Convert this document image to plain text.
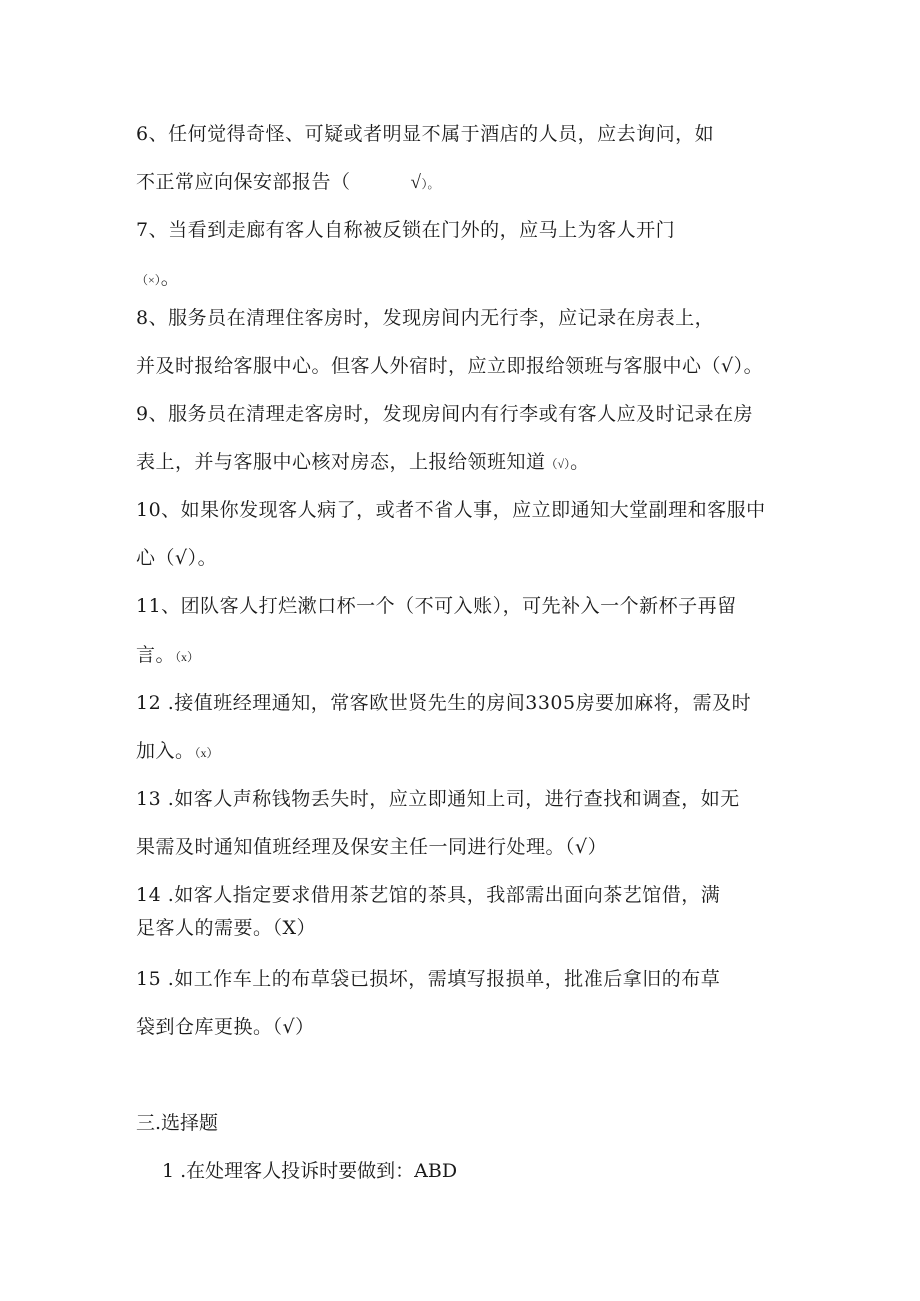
6、任何觉得奇怪、可疑或者明显不属于酒店的人员，应去询问，如
不正常应向保安部报告（	√）。
7、当看到走廊有客人自称被反锁在门外的，应马上为客人开门
（×）。
8、服务员在清理住客房时，发现房间内无行李，应记录在房表上，
并及时报给客服中心。但客人外宿时，应立即报给领班与客服中心（√）。
9、服务员在清理走客房时，发现房间内有行李或有客人应及时记录在房
表上，并与客服中心核对房态，上报给领班知道（√）。
10、如果你发现客人病了，或者不省人事，应立即通知大堂副理和客服中
心（√）。
11、团队客人打烂漱口杯一个（不可入账），可先补入一个新杯子再留
言。（x）
12 .接值班经理通知，常客欧世贤先生的房间3305房要加麻将，需及时
加入。（x）
13 .如客人声称钱物丢失时，应立即通知上司，进行查找和调查，如无
果需及时通知值班经理及保安主任一同进行处理。（√）
14 .如客人指定要求借用茶艺馆的茶具，我部需出面向茶艺馆借，满
足客人的需要。（X）
15 .如工作车上的布草袋已损坏，需填写报损单，批准后拿旧的布草
袋到仓库更换。（√）
三.选择题
1 .在处理客人投诉时要做到：ABD
